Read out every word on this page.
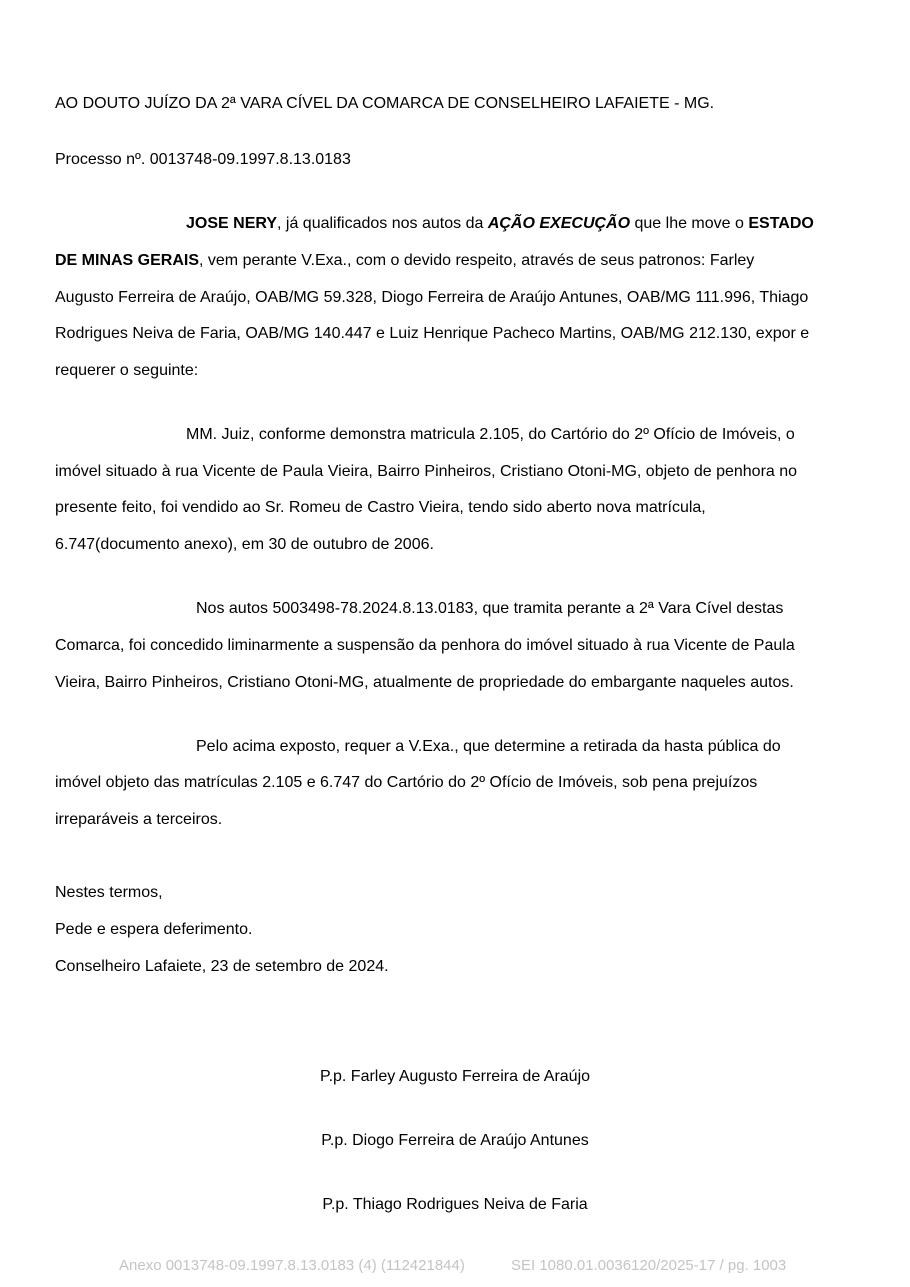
AO DOUTO JUÍZO DA 2ª VARA CÍVEL DA COMARCA DE CONSELHEIRO LAFAIETE - MG.
Processo nº. 0013748-09.1997.8.13.0183
JOSE NERY, já qualificados nos autos da AÇÃO EXECUÇÃO que lhe move o ESTADO
DE MINAS GERAIS, vem perante V.Exa., com o devido respeito, através de seus patronos: Farley
Augusto Ferreira de Araújo, OAB/MG 59.328, Diogo Ferreira de Araújo Antunes, OAB/MG 111.996, Thiago
Rodrigues Neiva de Faria, OAB/MG 140.447 e Luiz Henrique Pacheco Martins, OAB/MG 212.130, expor e
requerer o seguinte:
MM. Juiz, conforme demonstra matricula 2.105, do Cartório do 2º Ofício de Imóveis, o
imóvel situado à rua Vicente de Paula Vieira, Bairro Pinheiros, Cristiano Otoni-MG, objeto de penhora no
presente feito, foi vendido ao Sr. Romeu de Castro Vieira, tendo sido aberto nova matrícula,
6.747(documento anexo), em 30 de outubro de 2006.
Nos autos 5003498-78.2024.8.13.0183, que tramita perante a 2ª Vara Cível destas
Comarca, foi concedido liminarmente a suspensão da penhora do imóvel situado à rua Vicente de Paula
Vieira, Bairro Pinheiros, Cristiano Otoni-MG, atualmente de propriedade do embargante naqueles autos.
Pelo acima exposto, requer a V.Exa., que determine a retirada da hasta pública do
imóvel objeto das matrículas 2.105 e 6.747 do Cartório do 2º Ofício de Imóveis, sob pena prejuízos
irreparáveis a terceiros.
Nestes termos,
Pede e espera deferimento.
Conselheiro Lafaiete, 23 de setembro de 2024.
P.p. Farley Augusto Ferreira de Araújo
P.p. Diogo Ferreira de Araújo Antunes
P.p. Thiago Rodrigues Neiva de Faria
Anexo 0013748-09.1997.8.13.0183 (4) (112421844)	SEI 1080.01.0036120/2025-17 / pg. 1003
